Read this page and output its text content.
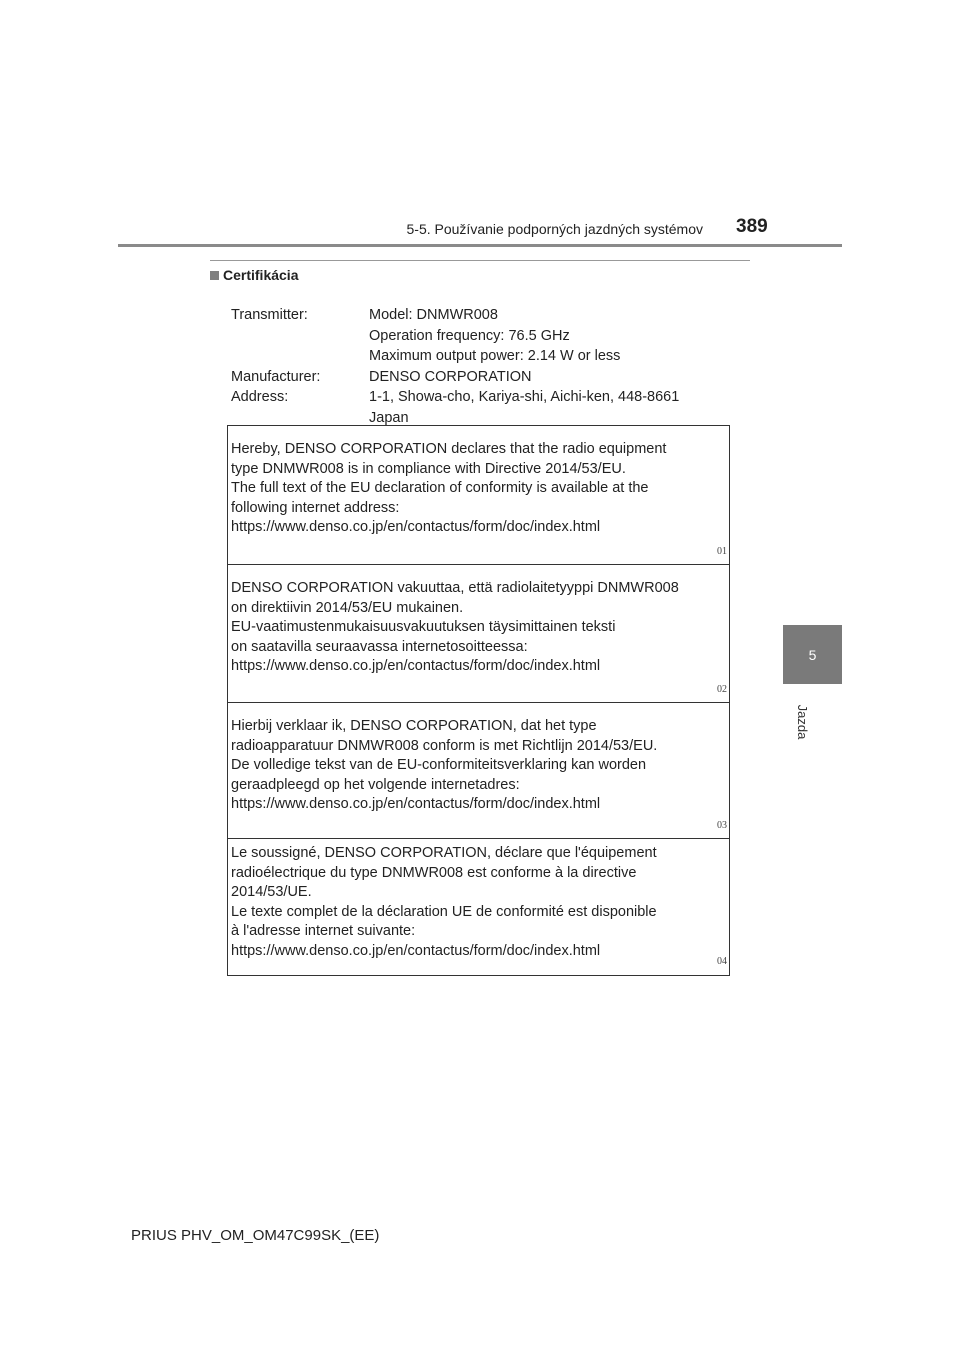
5-5. Používanie podporných jazdných systémov 389
5
Jazda
Certifikácia
Transmitter:	Model: DNMWR008
Operation frequency: 76.5 GHz
Maximum output power: 2.14 W or less
Manufacturer:	DENSO CORPORATION
Address:	1-1, Showa-cho, Kariya-shi, Aichi-ken, 448-8661
Japan
Hereby, DENSO CORPORATION declares that the radio equipment
type DNMWR008 is in compliance with Directive 2014/53/EU.
The full text of the EU declaration of conformity is available at the
following internet address:
https://www.denso.co.jp/en/contactus/form/doc/index.html
01
DENSO CORPORATION vakuuttaa, että radiolaitetyyppi DNMWR008
on direktiivin 2014/53/EU mukainen.
EU-vaatimustenmukaisuusvakuutuksen täysimittainen teksti
on saatavilla seuraavassa internetosoitteessa:
https://www.denso.co.jp/en/contactus/form/doc/index.html
02
Hierbij verklaar ik, DENSO CORPORATION, dat het type
radioapparatuur DNMWR008 conform is met Richtlijn 2014/53/EU.
De volledige tekst van de EU-conformiteitsverklaring kan worden
geraadpleegd op het volgende internetadres:
https://www.denso.co.jp/en/contactus/form/doc/index.html
03
Le soussigné, DENSO CORPORATION, déclare que l'équipement
radioélectrique du type DNMWR008 est conforme à la directive
2014/53/UE.
Le texte complet de la déclaration UE de conformité est disponible
à l'adresse internet suivante:
https://www.denso.co.jp/en/contactus/form/doc/index.html
04
PRIUS PHV_OM_OM47C99SK_(EE)
